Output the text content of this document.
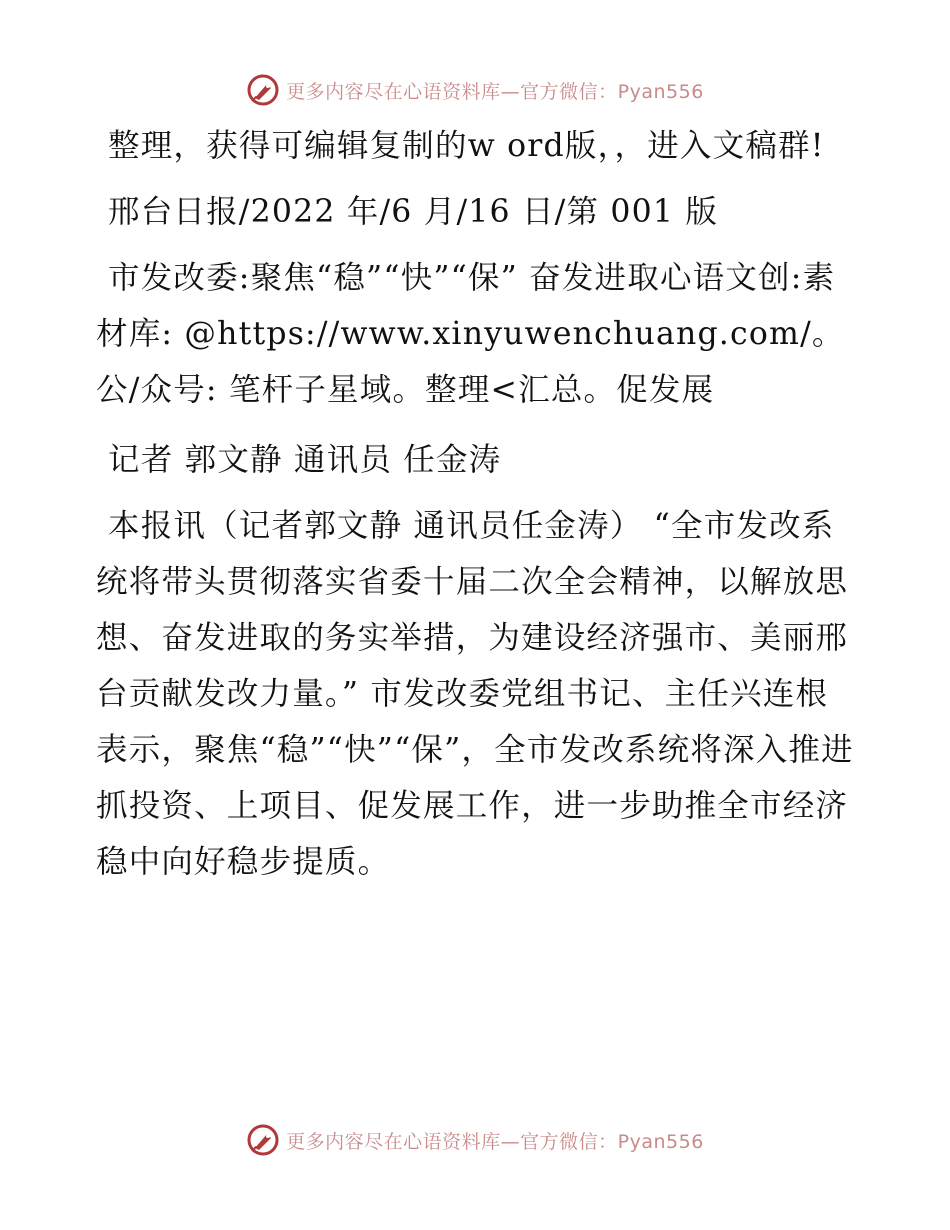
更多内容尽在心语资料库—官方微信：Pyan556

整理，获得可编辑复制的w ord版，，进入文稿群!

邢台日报/2022 年/6 月/16 日/第 001 版

市发改委:聚焦“稳”“快”“保” 奋发进取心语文创:素材库: @https://www.xinyuwenchuang.com/。公/众号: 笔杆子星域。整理<汇总。促发展

记者 郭文静 通讯员 任金涛

本报讯（记者郭文静 通讯员任金涛） “全市发改系统将带头贯彻落实省委十届二次全会精神，以解放思想、奋发进取的务实举措，为建设经济强市、美丽邢台贡献发改力量。” 市发改委党组书记、主任兴连根表示，聚焦“稳”“快”“保”，全市发改系统将深入推进抓投资、上项目、促发展工作，进一步助推全市经济稳中向好稳步提质。

更多内容尽在心语资料库—官方微信：Pyan556
